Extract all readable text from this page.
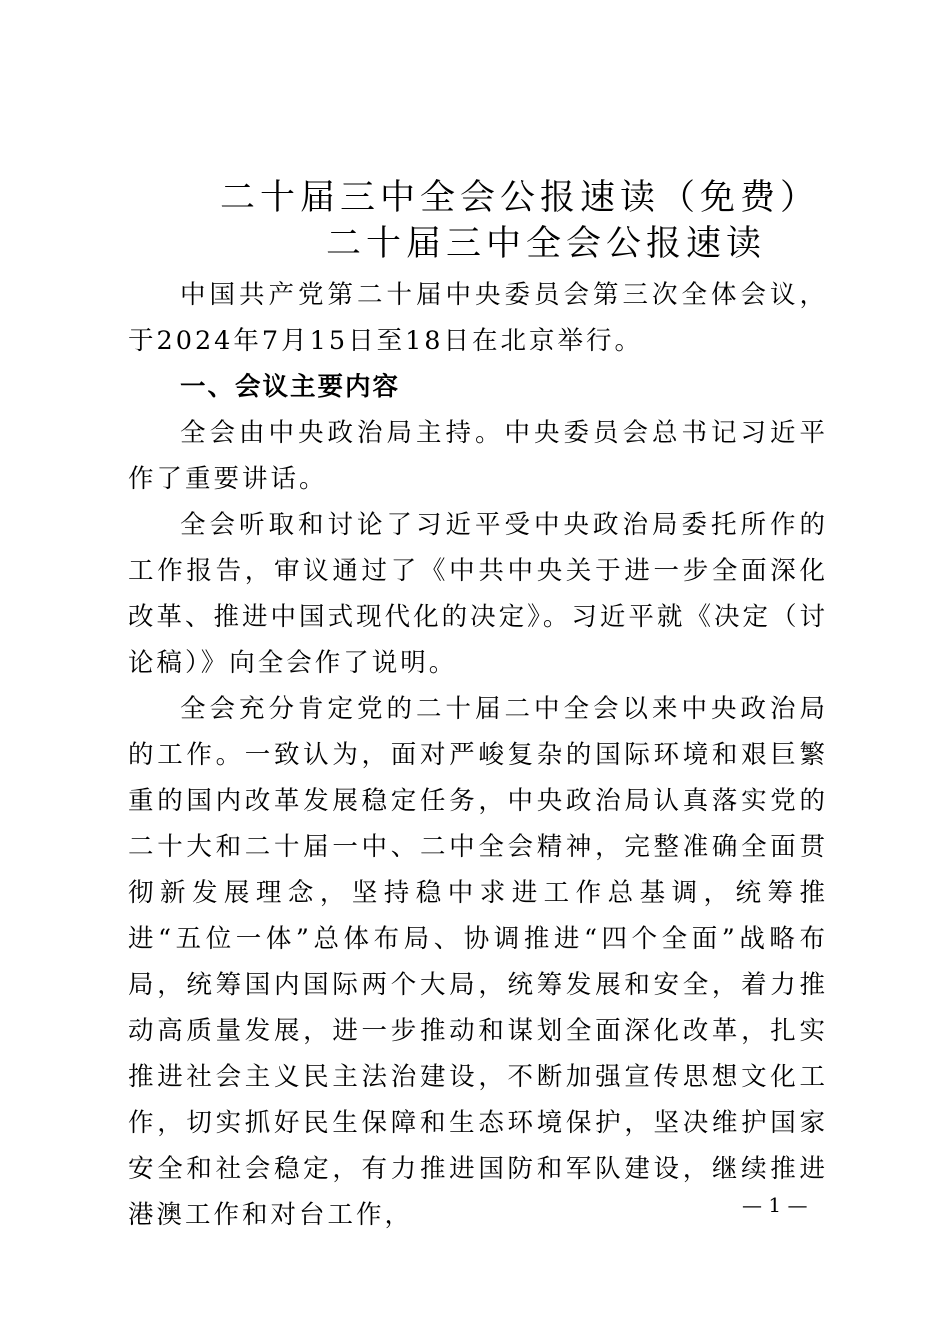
二十届三中全会公报速读（免费）
二十届三中全会公报速读

中国共产党第二十届中央委员会第三次全体会议，于2024年7月15日至18日在北京举行。

一、会议主要内容

全会由中央政治局主持。中央委员会总书记习近平作了重要讲话。

全会听取和讨论了习近平受中央政治局委托所作的工作报告，审议通过了《中共中央关于进一步全面深化改革、推进中国式现代化的决定》。习近平就《决定（讨论稿）》向全会作了说明。

全会充分肯定党的二十届二中全会以来中央政治局的工作。一致认为，面对严峻复杂的国际环境和艰巨繁重的国内改革发展稳定任务，中央政治局认真落实党的二十大和二十届一中、二中全会精神，完整准确全面贯彻新发展理念，坚持稳中求进工作总基调，统筹推进“五位一体”总体布局、协调推进“四个全面”战略布局，统筹国内国际两个大局，统筹发展和安全，着力推动高质量发展，进一步推动和谋划全面深化改革，扎实推进社会主义民主法治建设，不断加强宣传思想文化工作，切实抓好民生保障和生态环境保护，坚决维护国家安全和社会稳定，有力推进国防和军队建设，继续推进港澳工作和对台工作，	— 1 —
